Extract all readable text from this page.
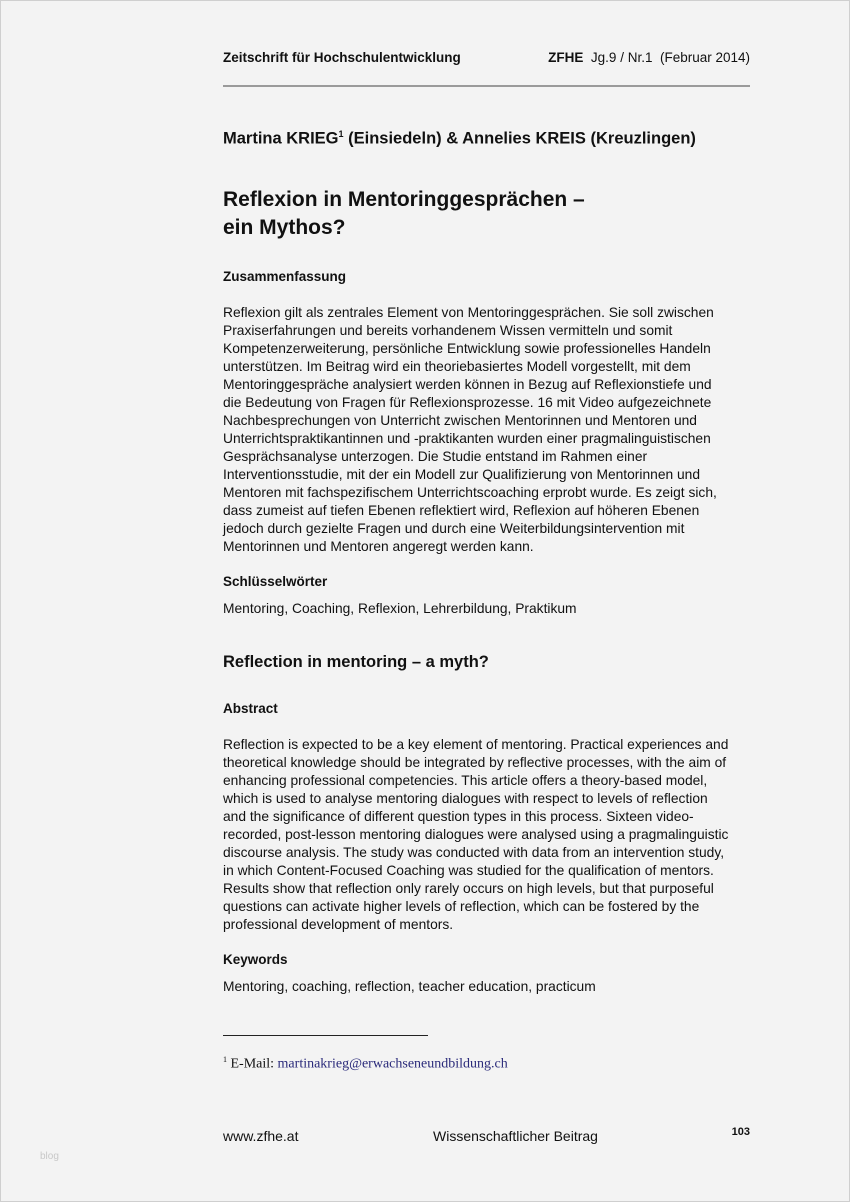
Zeitschrift für Hochschulentwicklung	ZFHE Jg.9 / Nr.1  (Februar 2014)
Martina KRIEG$^1$ (Einsiedeln) & Annelies KREIS (Kreuzlingen)
Reflexion in Mentoringgesprächen –
ein Mythos?
Zusammenfassung
Reflexion gilt als zentrales Element von Mentoringgesprächen. Sie soll zwischen
Praxiserfahrungen und bereits vorhandenem Wissen vermitteln und somit
Kompetenzerweiterung, persönliche Entwicklung sowie professionelles Handeln
unterstützen. Im Beitrag wird ein theoriebasiertes Modell vorgestellt, mit dem
Mentoringgespräche analysiert werden können in Bezug auf Reflexionstiefe und
die Bedeutung von Fragen für Reflexionsprozesse. 16 mit Video aufgezeichnete
Nachbesprechungen von Unterricht zwischen Mentorinnen und Mentoren und
Unterrichtspraktikantinnen und -praktikanten wurden einer pragmalinguistischen
Gesprächsanalyse unterzogen. Die Studie entstand im Rahmen einer
Interventionsstudie, mit der ein Modell zur Qualifizierung von Mentorinnen und
Mentoren mit fachspezifischem Unterrichtscoaching erprobt wurde. Es zeigt sich,
dass zumeist auf tiefen Ebenen reflektiert wird, Reflexion auf höheren Ebenen
jedoch durch gezielte Fragen und durch eine Weiterbildungsintervention mit
Mentorinnen und Mentoren angeregt werden kann.
Schlüsselwörter
Mentoring, Coaching, Reflexion, Lehrerbildung, Praktikum
Reflection in mentoring – a myth?
Abstract
Reflection is expected to be a key element of mentoring. Practical experiences and
theoretical knowledge should be integrated by reflective processes, with the aim of
enhancing professional competencies. This article offers a theory-based model,
which is used to analyse mentoring dialogues with respect to levels of reflection
and the significance of different question types in this process. Sixteen video-
recorded, post-lesson mentoring dialogues were analysed using a pragmalinguistic
discourse analysis. The study was conducted with data from an intervention study,
in which Content-Focused Coaching was studied for the qualification of mentors.
Results show that reflection only rarely occurs on high levels, but that purposeful
questions can activate higher levels of reflection, which can be fostered by the
professional development of mentors.
Keywords
Mentoring, coaching, reflection, teacher education, practicum
$^1$ E-Mail: martinakrieg@erwachseneundbildung.ch
www.zfhe.at	Wissenschaftlicher Beitrag	103
blog
